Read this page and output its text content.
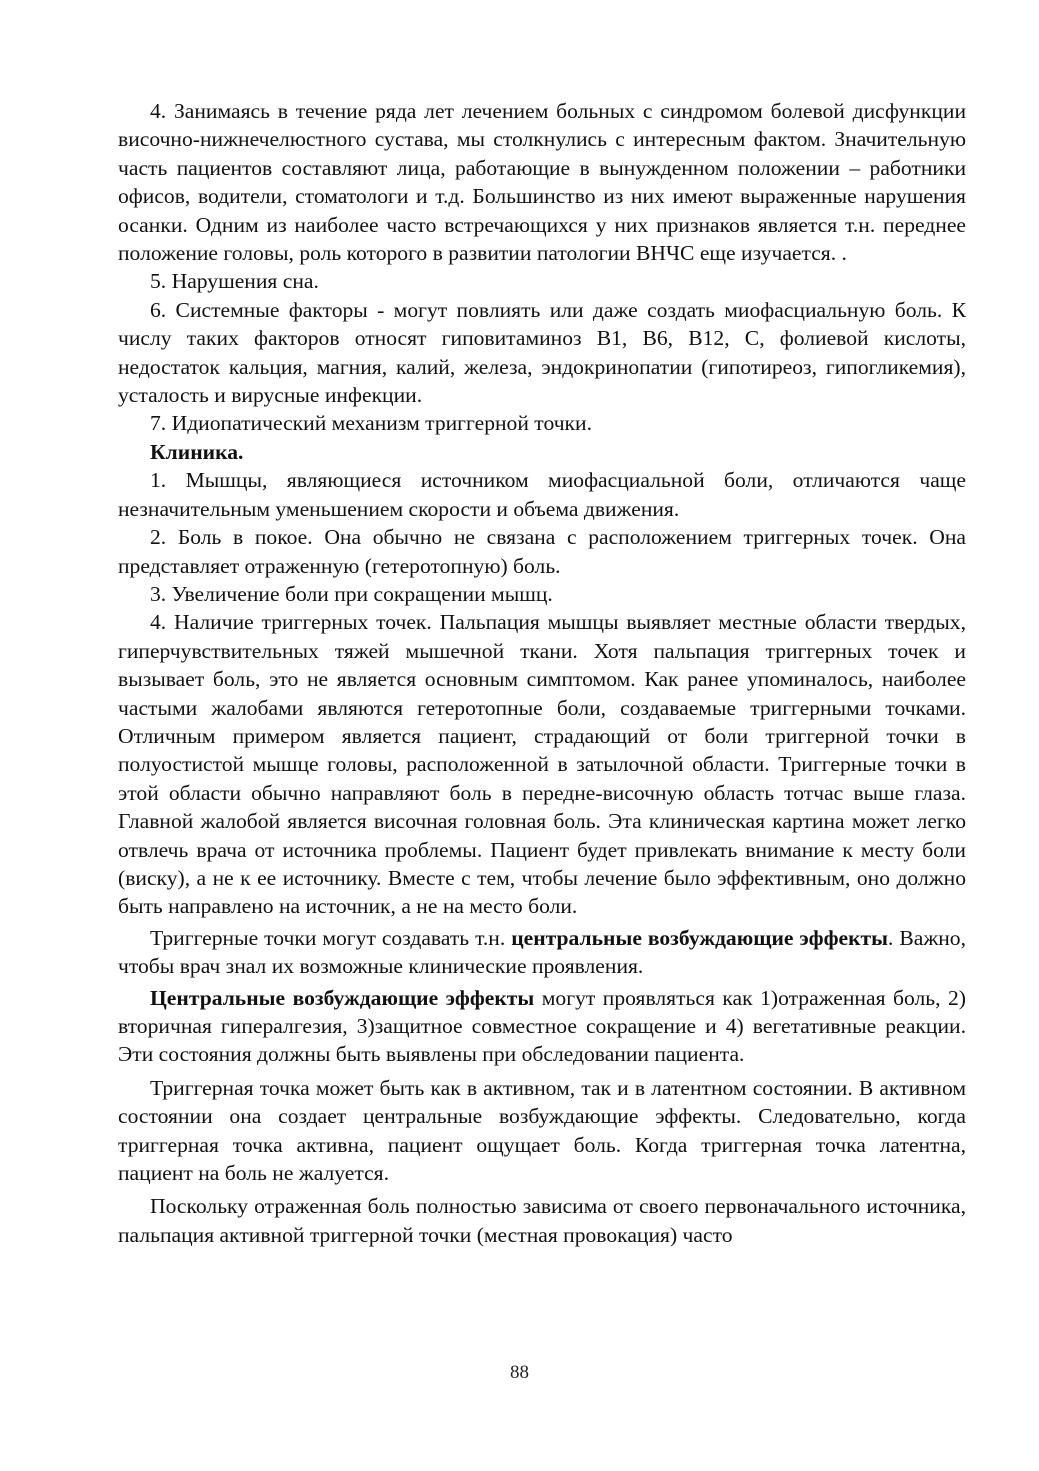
4. Занимаясь в течение ряда лет лечением больных с синдромом болевой дисфункции височно-нижнечелюстного сустава, мы столкнулись с интересным фактом. Значительную часть пациентов составляют лица, работающие в вынужденном положении – работники офисов, водители, стоматологи и т.д. Большинство из них имеют выраженные нарушения осанки. Одним из наиболее часто встречающихся у них признаков является т.н. переднее положение головы, роль которого в развитии патологии ВНЧС еще изучается. .

5. Нарушения сна.

6. Системные факторы - могут повлиять или даже создать миофасциальную боль. К числу таких факторов относят гиповитаминоз В1, В6, В12, С, фолиевой кислоты, недостаток кальция, магния, калий, железа, эндокринопатии (гипотиреоз, гипогликемия), усталость и вирусные инфекции.

7. Идиопатический механизм триггерной точки.

Клиника.

1. Мышцы, являющиеся источником миофасциальной боли, отличаются чаще незначительным уменьшением скорости и объема движения.

2. Боль в покое. Она обычно не связана с расположением триггерных точек. Она представляет отраженную (гетеротопную) боль.

3. Увеличение боли при сокращении мышц.

4. Наличие триггерных точек. Пальпация мышцы выявляет местные области твердых, гиперчувствительных тяжей мышечной ткани. Хотя пальпация триггерных точек и вызывает боль, это не является основным симптомом. Как ранее упоминалось, наиболее частыми жалобами являются гетеротопные боли, создаваемые триггерными точками. Отличным примером является пациент, страдающий от боли триггерной точки в полуостистой мышце головы, расположенной в затылочной области. Триггерные точки в этой области обычно направляют боль в передне-височную область тотчас выше глаза. Главной жалобой является височная головная боль. Эта клиническая картина может легко отвлечь врача от источника проблемы. Пациент будет привлекать внимание к месту боли (виску), а не к ее источнику. Вместе с тем, чтобы лечение было эффективным, оно должно быть направлено на источник, а не на место боли.

Триггерные точки могут создавать т.н. центральные возбуждающие эффекты. Важно, чтобы врач знал их возможные клинические проявления.

Центральные возбуждающие эффекты могут проявляться как 1)отраженная боль, 2) вторичная гипералгезия, 3)защитное совместное сокращение и 4) вегетативные реакции. Эти состояния должны быть выявлены при обследовании пациента.

Триггерная точка может быть как в активном, так и в латентном состоянии. В активном состоянии она создает центральные возбуждающие эффекты. Следовательно, когда триггерная точка активна, пациент ощущает боль. Когда триггерная точка латентна, пациент на боль не жалуется.

Поскольку отраженная боль полностью зависима от своего первоначального источника, пальпация активной триггерной точки (местная провокация) часто

88
